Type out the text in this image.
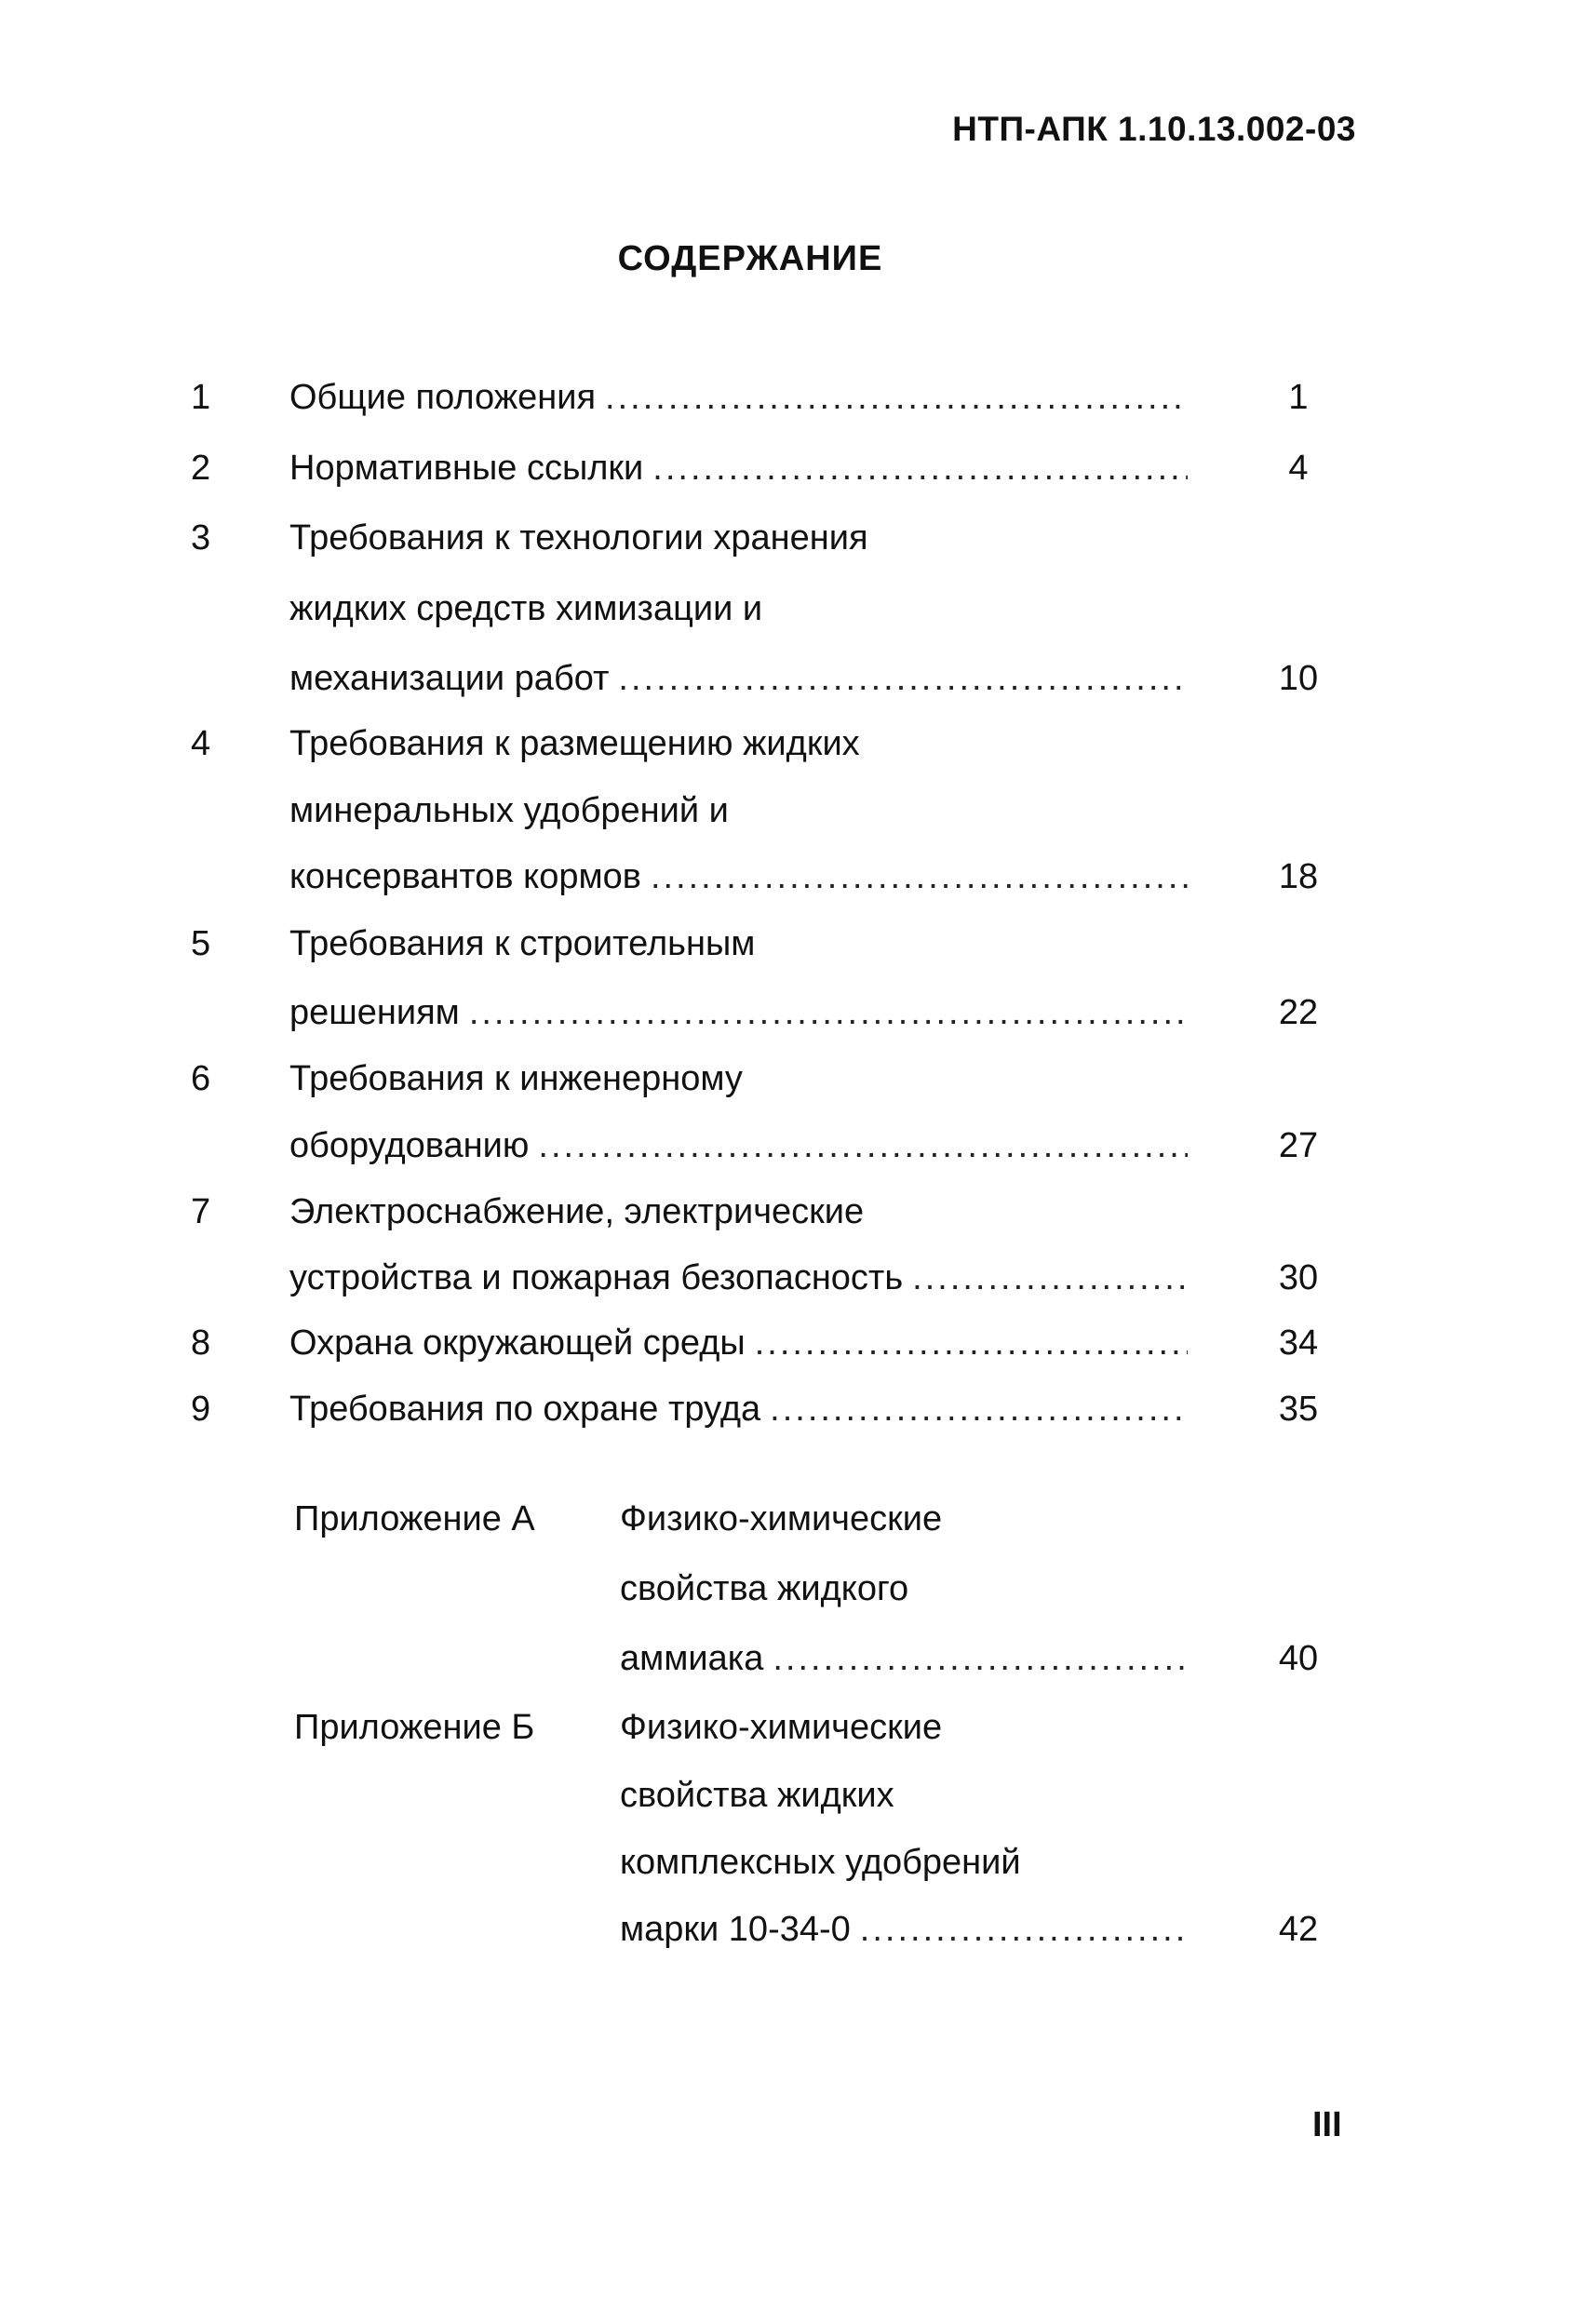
НТП-АПК 1.10.13.002-03
СОДЕРЖАНИЕ
1 Общие положения .....	1
2 Нормативные ссылки .....	4
3 Требования к технологии хранения
жидких средств химизации и
механизации работ .....	10
4 Требования к размещению жидких
минеральных удобрений и
консервантов кормов .....	18
5 Требования к строительным
решениям .....	22
6 Требования к инженерному
оборудованию .....	27
7 Электроснабжение, электрические
устройства и пожарная безопасность .....	30
8 Охрана окружающей среды .....	34
9 Требования по охране труда .....	35
Приложение А Физико-химические
свойства жидкого
аммиака .....	40
Приложение Б Физико-химические
свойства жидких
комплексных удобрений
марки 10-34-0 .....	42
III
